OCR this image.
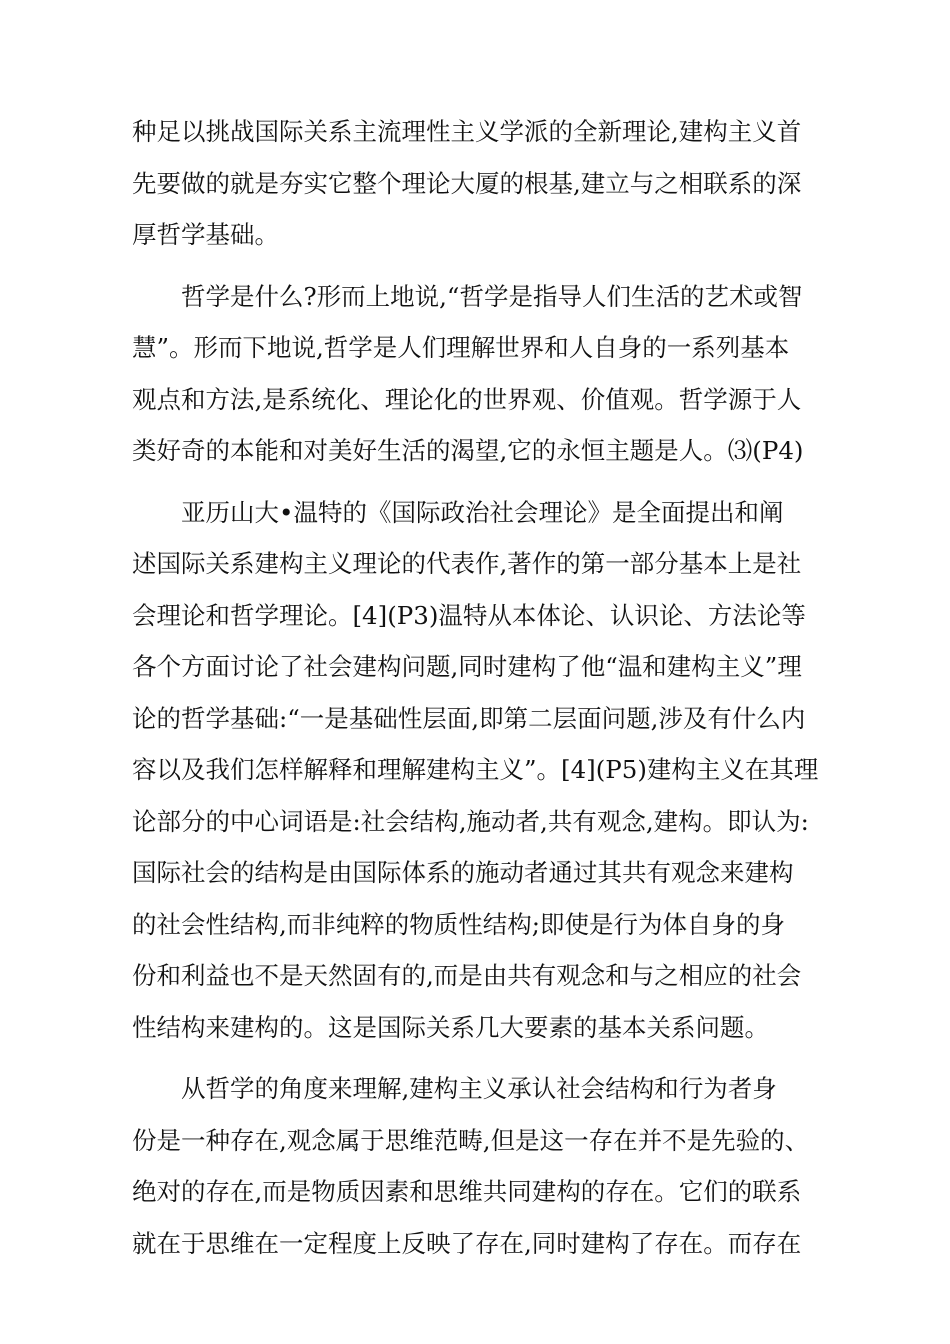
种足以挑战国际关系主流理性主义学派的全新理论,建构主义首
先要做的就是夯实它整个理论大厦的根基,建立与之相联系的深
厚哲学基础。
哲学是什么?形而上地说,“哲学是指导人们生活的艺术或智
慧”。形而下地说,哲学是人们理解世界和人自身的一系列基本
观点和方法,是系统化、理论化的世界观、价值观。哲学源于人
类好奇的本能和对美好生活的渴望,它的永恒主题是人。⑶(P4)
亚历山大•温特的《国际政治社会理论》是全面提出和阐
述国际关系建构主义理论的代表作,著作的第一部分基本上是社
会理论和哲学理论。[4](P3)温特从本体论、认识论、方法论等
各个方面讨论了社会建构问题,同时建构了他“温和建构主义”理
论的哲学基础:“一是基础性层面,即第二层面问题,涉及有什么内
容以及我们怎样解释和理解建构主义”。[4](P5)建构主义在其理
论部分的中心词语是:社会结构,施动者,共有观念,建构。即认为:
国际社会的结构是由国际体系的施动者通过其共有观念来建构
的社会性结构,而非纯粹的物质性结构;即使是行为体自身的身
份和利益也不是天然固有的,而是由共有观念和与之相应的社会
性结构来建构的。这是国际关系几大要素的基本关系问题。
从哲学的角度来理解,建构主义承认社会结构和行为者身
份是一种存在,观念属于思维范畴,但是这一存在并不是先验的、
绝对的存在,而是物质因素和思维共同建构的存在。它们的联系
就在于思维在一定程度上反映了存在,同时建构了存在。而存在
